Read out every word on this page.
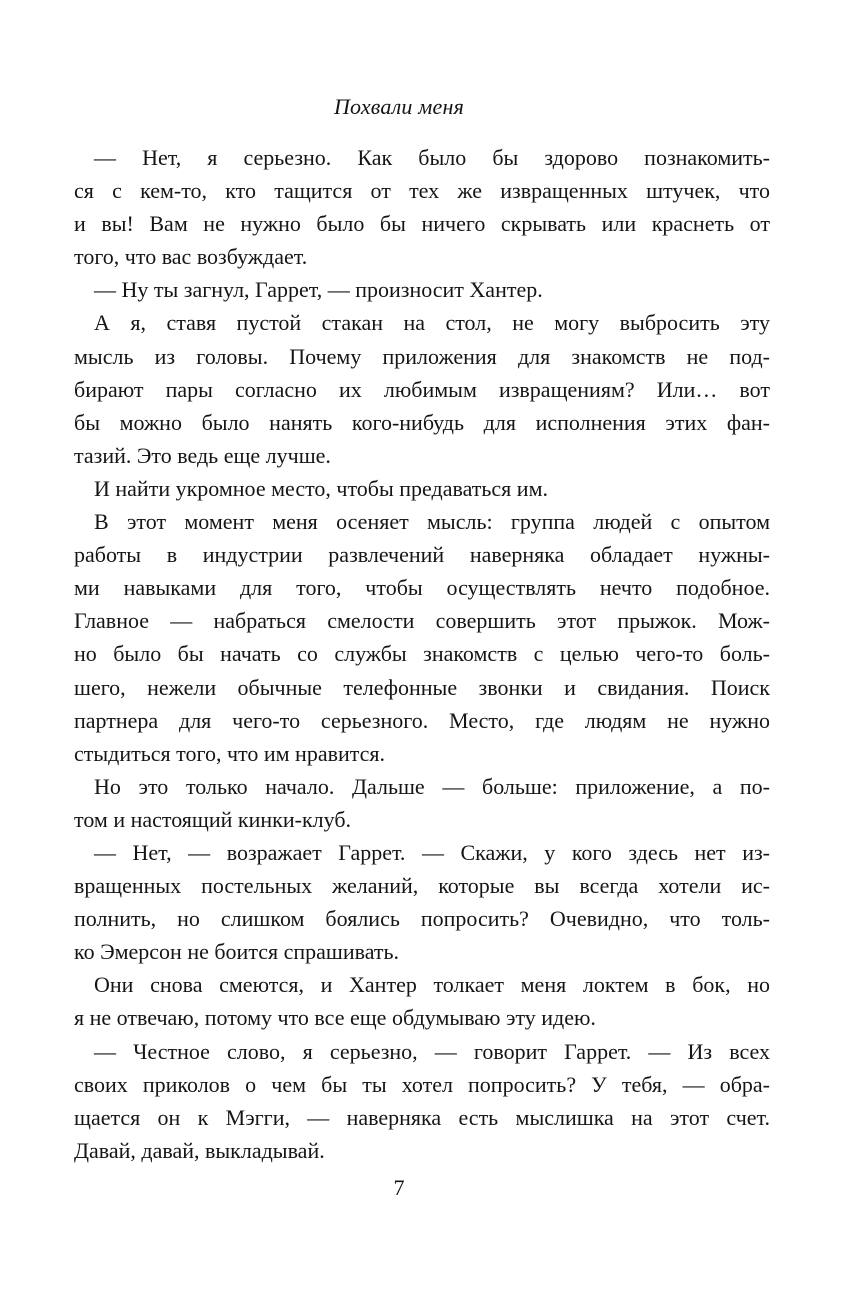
Похвали меня
— Нет, я серьезно. Как было бы здорово познакомить-
ся с кем-то, кто тащится от тех же извращенных штучек, что
и вы! Вам не нужно было бы ничего скрывать или краснеть от
того, что вас возбуждает.
— Ну ты загнул, Гаррет, — произносит Хантер.
А я, ставя пустой стакан на стол, не могу выбросить эту
мысль из головы. Почему приложения для знакомств не под-
бирают пары согласно их любимым извращениям? Или… вот
бы можно было нанять кого-нибудь для исполнения этих фан-
тазий. Это ведь еще лучше.
И найти укромное место, чтобы предаваться им.
В этот момент меня осеняет мысль: группа людей с опытом
работы в индустрии развлечений наверняка обладает нужны-
ми навыками для того, чтобы осуществлять нечто подобное.
Главное — набраться смелости совершить этот прыжок. Мож-
но было бы начать со службы знакомств с целью чего-то боль-
шего, нежели обычные телефонные звонки и свидания. Поиск
партнера для чего-то серьезного. Место, где людям не нужно
стыдиться того, что им нравится.
Но это только начало. Дальше — больше: приложение, а по-
том и настоящий кинки-клуб.
— Нет, — возражает Гаррет. — Скажи, у кого здесь нет из-
вращенных постельных желаний, которые вы всегда хотели ис-
полнить, но слишком боялись попросить? Очевидно, что толь-
ко Эмерсон не боится спрашивать.
Они снова смеются, и Хантер толкает меня локтем в бок, но
я не отвечаю, потому что все еще обдумываю эту идею.
— Честное слово, я серьезно, — говорит Гаррет. — Из всех
своих приколов о чем бы ты хотел попросить? У тебя, — обра-
щается он к Мэгги, — наверняка есть мыслишка на этот счет.
Давай, давай, выкладывай.
7
